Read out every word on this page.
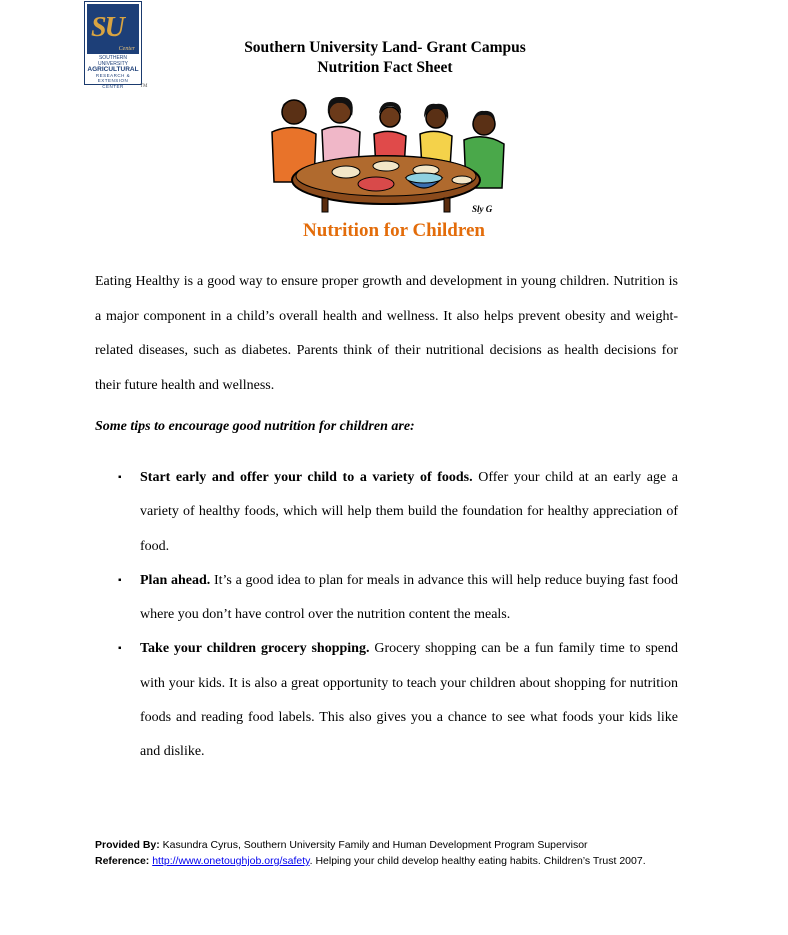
SU
Center
SOUTHERN UNIVERSITY
AGRICULTURAL
RESEARCH & EXTENSION
CENTER	TM
Southern University Land- Grant Campus
Nutrition Fact Sheet
Sly G
Nutrition for Children
Eating Healthy is a good way to ensure proper growth and development in young children. Nutrition is a major component in a child’s overall health and wellness. It also helps prevent obesity and weight-related diseases, such as diabetes. Parents think of their nutritional decisions as health decisions for their future health and wellness.
Some tips to encourage good nutrition for children are:
▪ Start early and offer your child to a variety of foods. Offer your child at an early age a variety of healthy foods, which will help them build the foundation for healthy appreciation of food.
▪ Plan ahead. It’s a good idea to plan for meals in advance this will help reduce buying fast food where you don’t have control over the nutrition content the meals.
▪ Take your children grocery shopping. Grocery shopping can be a fun family time to spend with your kids. It is also a great opportunity to teach your children about shopping for nutrition foods and reading food labels. This also gives you a chance to see what foods your kids like and dislike.
Provided By: Kasundra Cyrus, Southern University Family and Human Development Program Supervisor
Reference: http://www.onetoughjob.org/safety. Helping your child develop healthy eating habits. Children’s Trust 2007.
